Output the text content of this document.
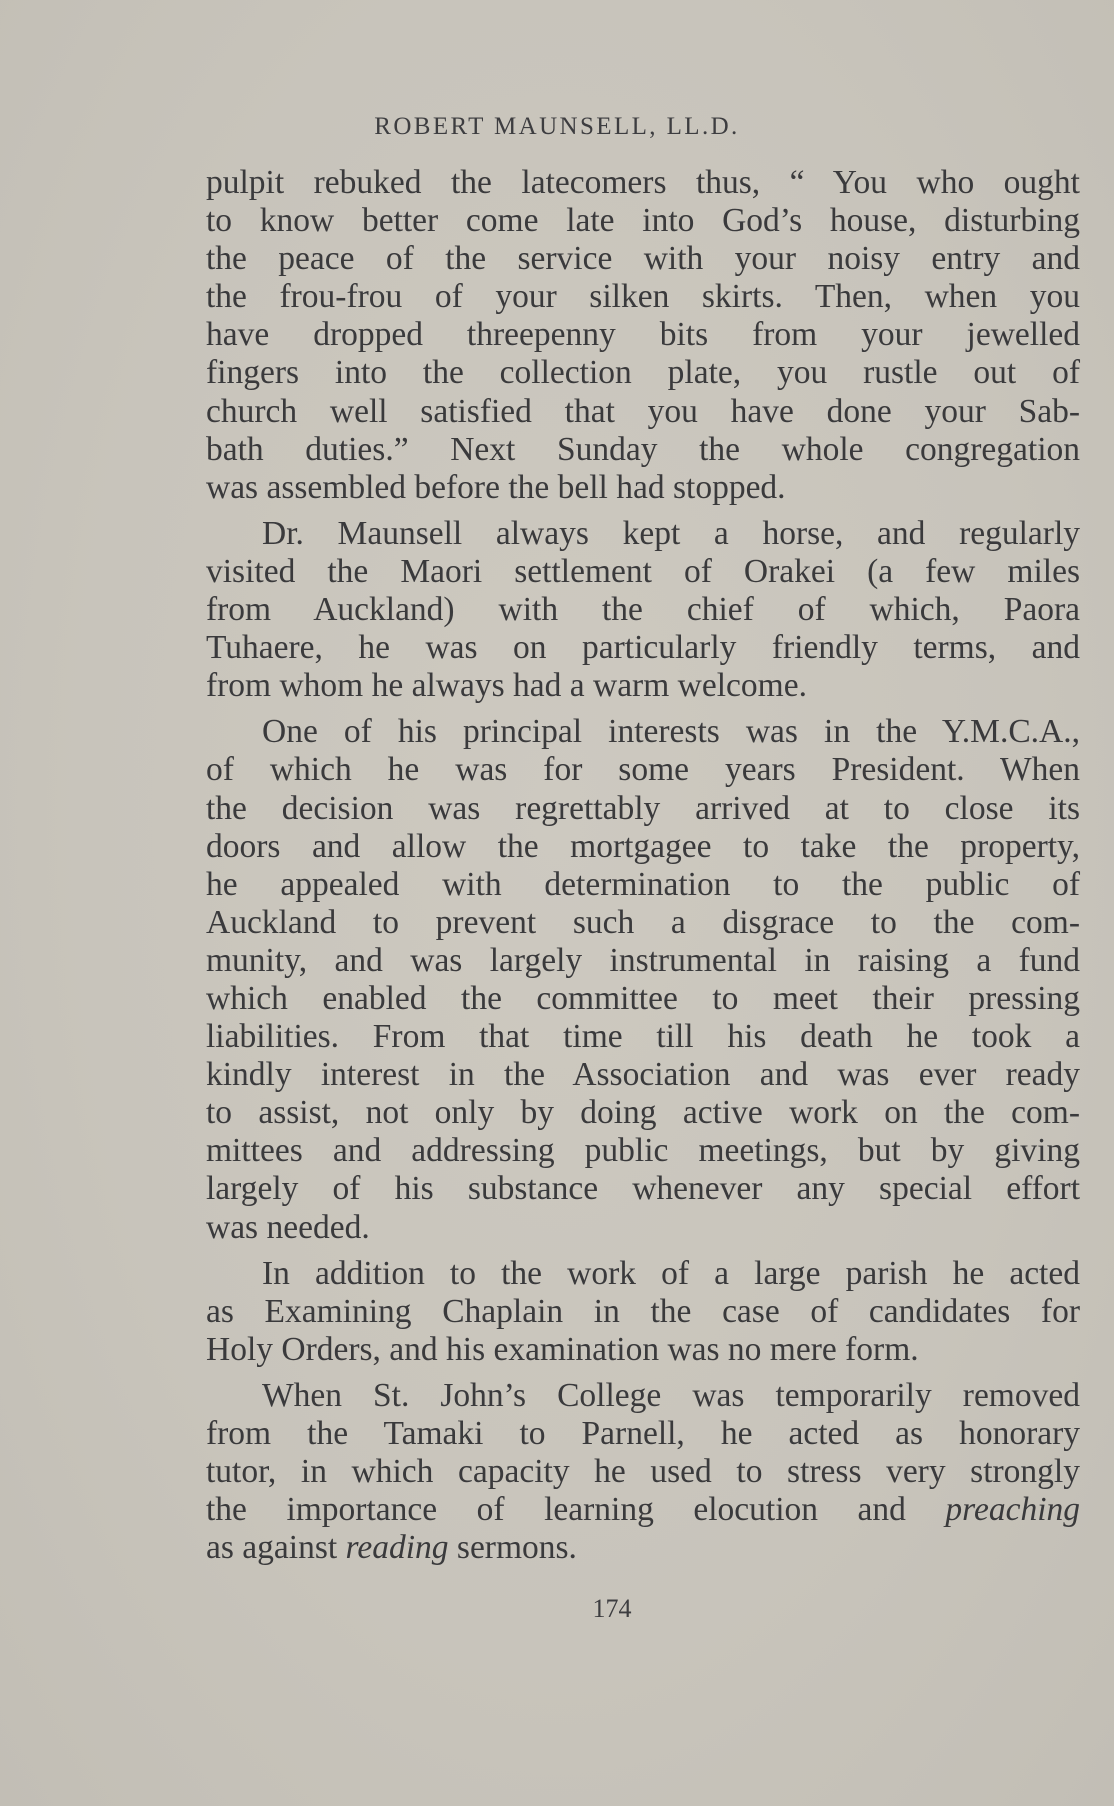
ROBERT MAUNSELL, LL.D.
pulpit rebuked the latecomers thus, “ You who ought
to know better come late into God’s house, disturbing
the peace of the service with your noisy entry and
the frou-frou of your silken skirts. Then, when you
have dropped threepenny bits from your jewelled
fingers into the collection plate, you rustle out of
church well satisfied that you have done your Sab-
bath duties.” Next Sunday the whole congregation
was assembled before the bell had stopped.
Dr. Maunsell always kept a horse, and regularly
visited the Maori settlement of Orakei (a few miles
from Auckland) with the chief of which, Paora
Tuhaere, he was on particularly friendly terms, and
from whom he always had a warm welcome.
One of his principal interests was in the Y.M.C.A.,
of which he was for some years President. When
the decision was regrettably arrived at to close its
doors and allow the mortgagee to take the property,
he appealed with determination to the public of
Auckland to prevent such a disgrace to the com-
munity, and was largely instrumental in raising a fund
which enabled the committee to meet their pressing
liabilities. From that time till his death he took a
kindly interest in the Association and was ever ready
to assist, not only by doing active work on the com-
mittees and addressing public meetings, but by giving
largely of his substance whenever any special effort
was needed.
In addition to the work of a large parish he acted
as Examining Chaplain in the case of candidates for
Holy Orders, and his examination was no mere form.
When St. John’s College was temporarily removed
from the Tamaki to Parnell, he acted as honorary
tutor, in which capacity he used to stress very strongly
the importance of learning elocution and preaching
as against reading sermons.
174
